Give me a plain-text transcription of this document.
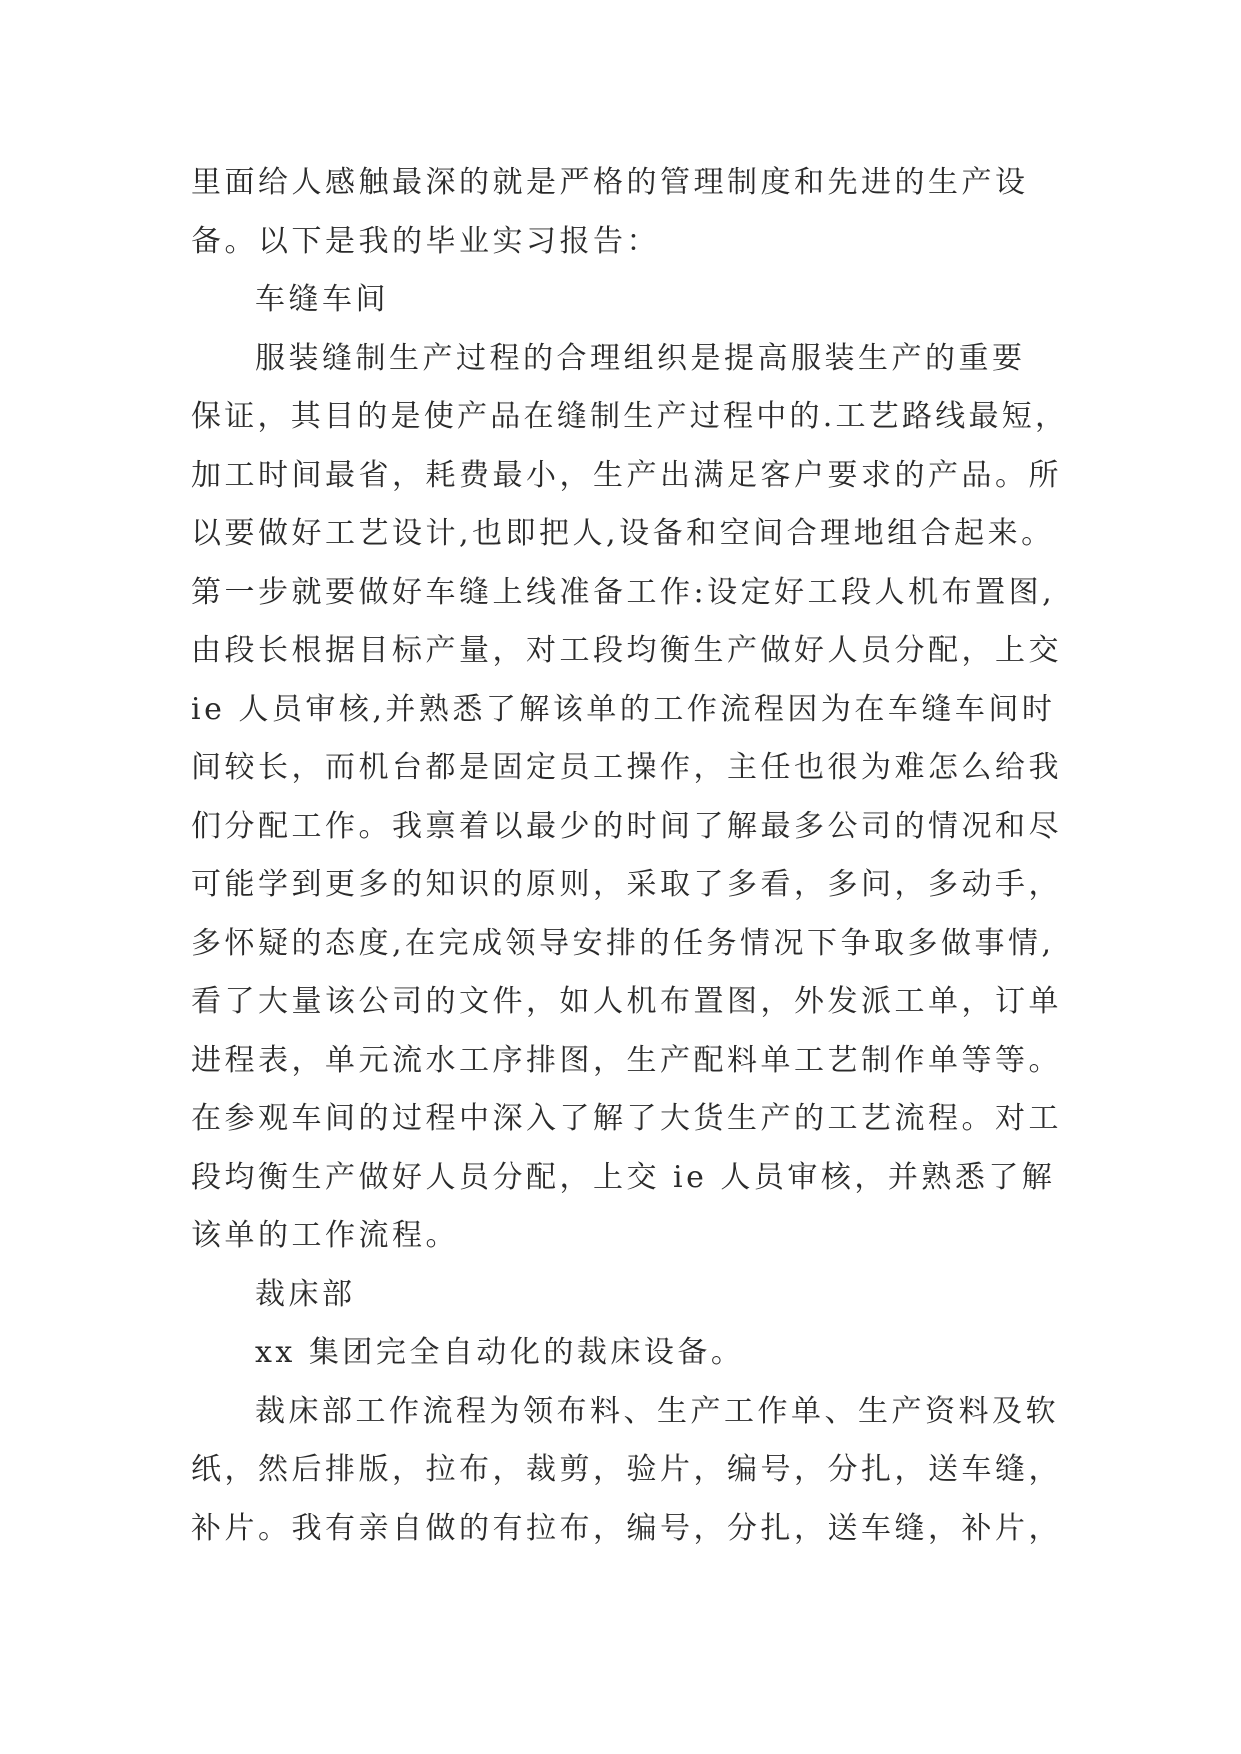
里面给人感触最深的就是严格的管理制度和先进的生产设
备。以下是我的毕业实习报告：
车缝车间
服装缝制生产过程的合理组织是提高服装生产的重要
保证，其目的是使产品在缝制生产过程中的.工艺路线最短，
加工时间最省，耗费最小，生产出满足客户要求的产品。所
以要做好工艺设计,也即把人,设备和空间合理地组合起来。
第一步就要做好车缝上线准备工作:设定好工段人机布置图,
由段长根据目标产量，对工段均衡生产做好人员分配，上交
ie 人员审核,并熟悉了解该单的工作流程因为在车缝车间时
间较长，而机台都是固定员工操作，主任也很为难怎么给我
们分配工作。我禀着以最少的时间了解最多公司的情况和尽
可能学到更多的知识的原则，采取了多看，多问，多动手，
多怀疑的态度,在完成领导安排的任务情况下争取多做事情,
看了大量该公司的文件，如人机布置图，外发派工单，订单
进程表，单元流水工序排图，生产配料单工艺制作单等等。
在参观车间的过程中深入了解了大货生产的工艺流程。对工
段均衡生产做好人员分配，上交 ie 人员审核，并熟悉了解
该单的工作流程。
裁床部
xx 集团完全自动化的裁床设备。
裁床部工作流程为领布料、生产工作单、生产资料及软
纸，然后排版，拉布，裁剪，验片，编号，分扎，送车缝，
补片。我有亲自做的有拉布，编号，分扎，送车缝，补片，
